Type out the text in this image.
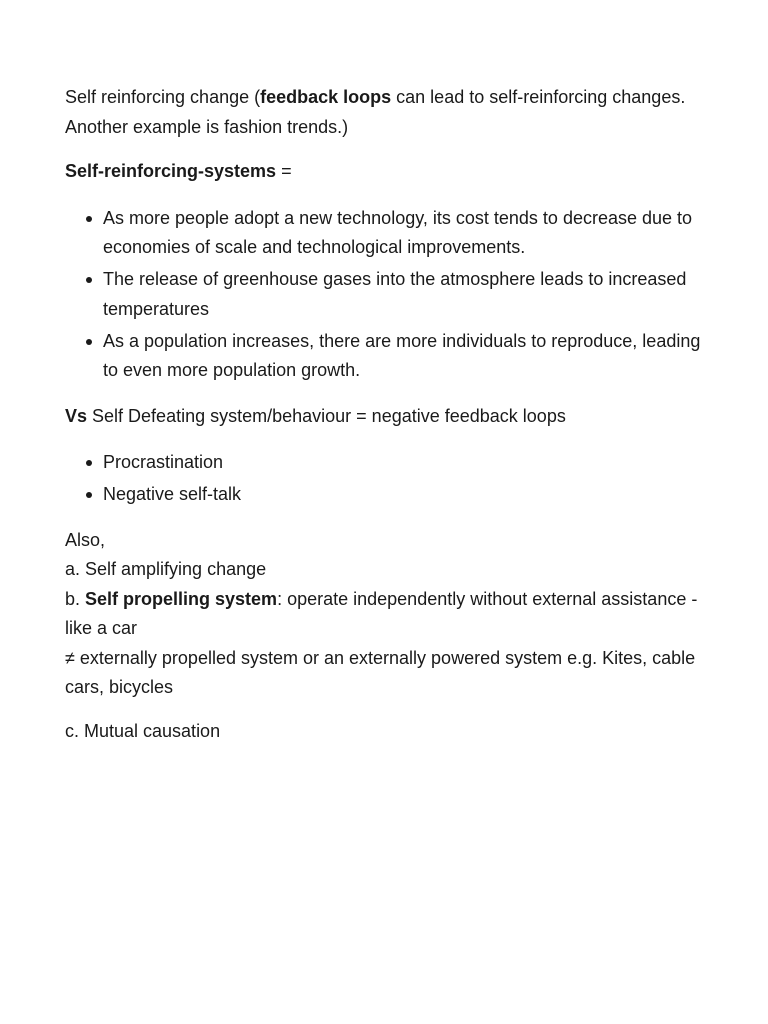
Self reinforcing change (feedback loops can lead to self-reinforcing changes. Another example is fashion trends.)

Self-reinforcing-systems =

As more people adopt a new technology, its cost tends to decrease due to economies of scale and technological improvements.
The release of greenhouse gases into the atmosphere leads to increased temperatures
As a population increases, there are more individuals to reproduce, leading to even more population growth.

Vs Self Defeating system/behaviour = negative feedback loops

Procrastination
Negative self-talk

Also,
a. Self amplifying change
b. Self propelling system: operate independently without external assistance -like a car
≠ externally propelled system or an externally powered system e.g. Kites, cable cars, bicycles

c. Mutual causation
